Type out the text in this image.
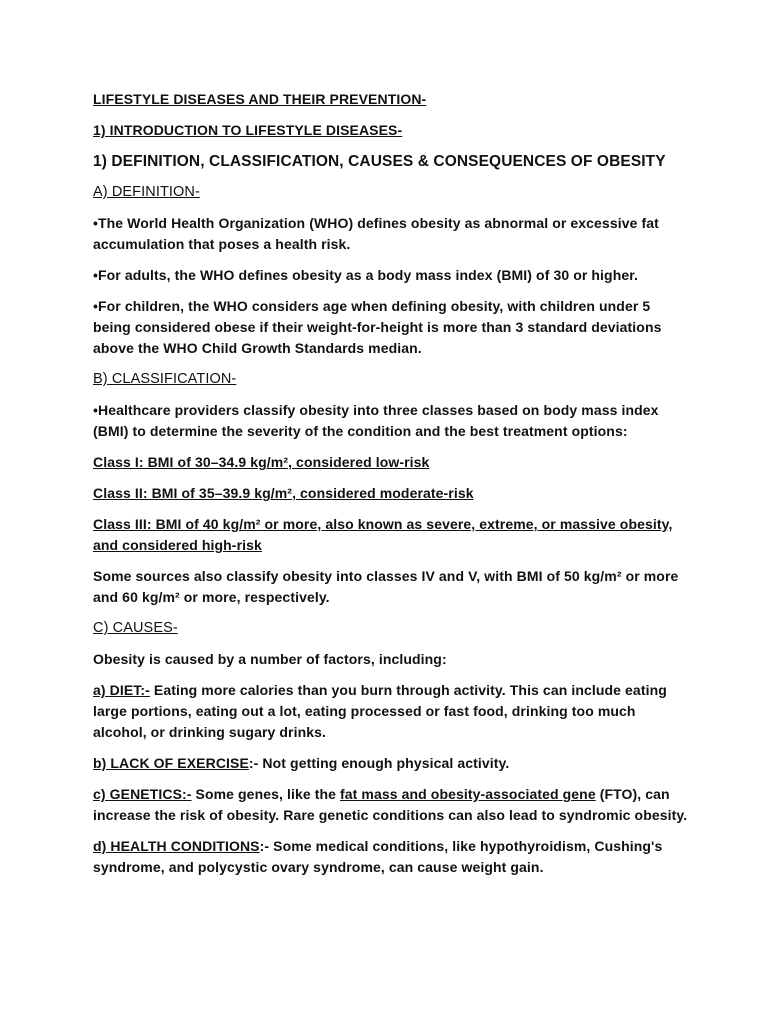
LIFESTYLE DISEASES AND THEIR PREVENTION-

1) INTRODUCTION TO LIFESTYLE DISEASES-

1) DEFINITION, CLASSIFICATION, CAUSES & CONSEQUENCES OF OBESITY

A) DEFINITION-

•The World Health Organization (WHO) defines obesity as abnormal or excessive fat accumulation that poses a health risk.

•For adults, the WHO defines obesity as a body mass index (BMI) of 30 or higher.

•For children, the WHO considers age when defining obesity, with children under 5 being considered obese if their weight-for-height is more than 3 standard deviations above the WHO Child Growth Standards median.

B) CLASSIFICATION-

•Healthcare providers classify obesity into three classes based on body mass index (BMI) to determine the severity of the condition and the best treatment options:

Class I: BMI of 30–34.9 kg/m², considered low-risk

Class II: BMI of 35–39.9 kg/m², considered moderate-risk

Class III: BMI of 40 kg/m² or more, also known as severe, extreme, or massive obesity, and considered high-risk

Some sources also classify obesity into classes IV and V, with BMI of 50 kg/m² or more and 60 kg/m² or more, respectively.

C) CAUSES-

Obesity is caused by a number of factors, including:

a) DIET:- Eating more calories than you burn through activity. This can include eating large portions, eating out a lot, eating processed or fast food, drinking too much alcohol, or drinking sugary drinks.

b) LACK OF EXERCISE:- Not getting enough physical activity.

c) GENETICS:- Some genes, like the fat mass and obesity-associated gene (FTO), can increase the risk of obesity. Rare genetic conditions can also lead to syndromic obesity.

d) HEALTH CONDITIONS:- Some medical conditions, like hypothyroidism, Cushing's syndrome, and polycystic ovary syndrome, can cause weight gain.
